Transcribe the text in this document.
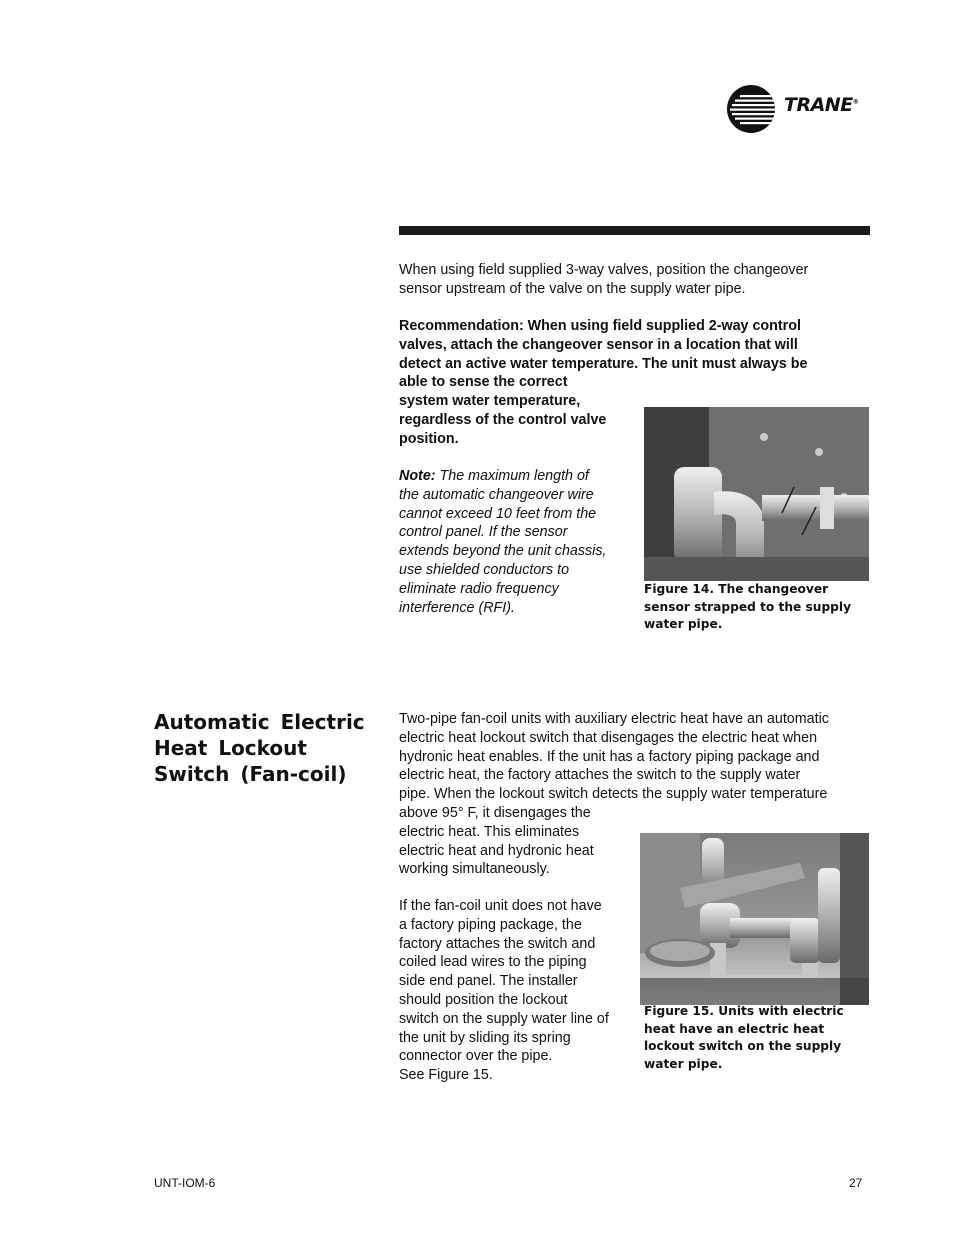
TRANE®

When using field supplied 3-way valves, position the changeover sensor upstream of the valve on the supply water pipe.

Recommendation: When using field supplied 2-way control
valves, attach the changeover sensor in a location that will
detect an active water temperature. The unit must always be
able to sense the correct
system water temperature,
regardless of the control valve
position.
Note: The maximum length of
the automatic changeover wire
cannot exceed 10 feet from the
control panel. If the sensor
extends beyond the unit chassis,
use shielded conductors to
eliminate radio frequency
interference (RFI).
Figure 14. The changeover
sensor strapped to the supply
water pipe.
Automatic Electric
Heat Lockout
Switch (Fan-coil)
Two-pipe fan-coil units with auxiliary electric heat have an automatic
electric heat lockout switch that disengages the electric heat when
hydronic heat enables. If the unit has a factory piping package and
electric heat, the factory attaches the switch to the supply water
pipe. When the lockout switch detects the supply water temperature
above 95° F, it disengages the
electric heat. This eliminates
electric heat and hydronic heat
working simultaneously.
If the fan-coil unit does not have
a factory piping package, the
factory attaches the switch and
coiled lead wires to the piping
side end panel. The installer
should position the lockout
switch on the supply water line of
the unit by sliding its spring
connector over the pipe.
See Figure 15.
Figure 15. Units with electric
heat have an electric heat
lockout switch on the supply
water pipe.
UNT-IOM-6	27
